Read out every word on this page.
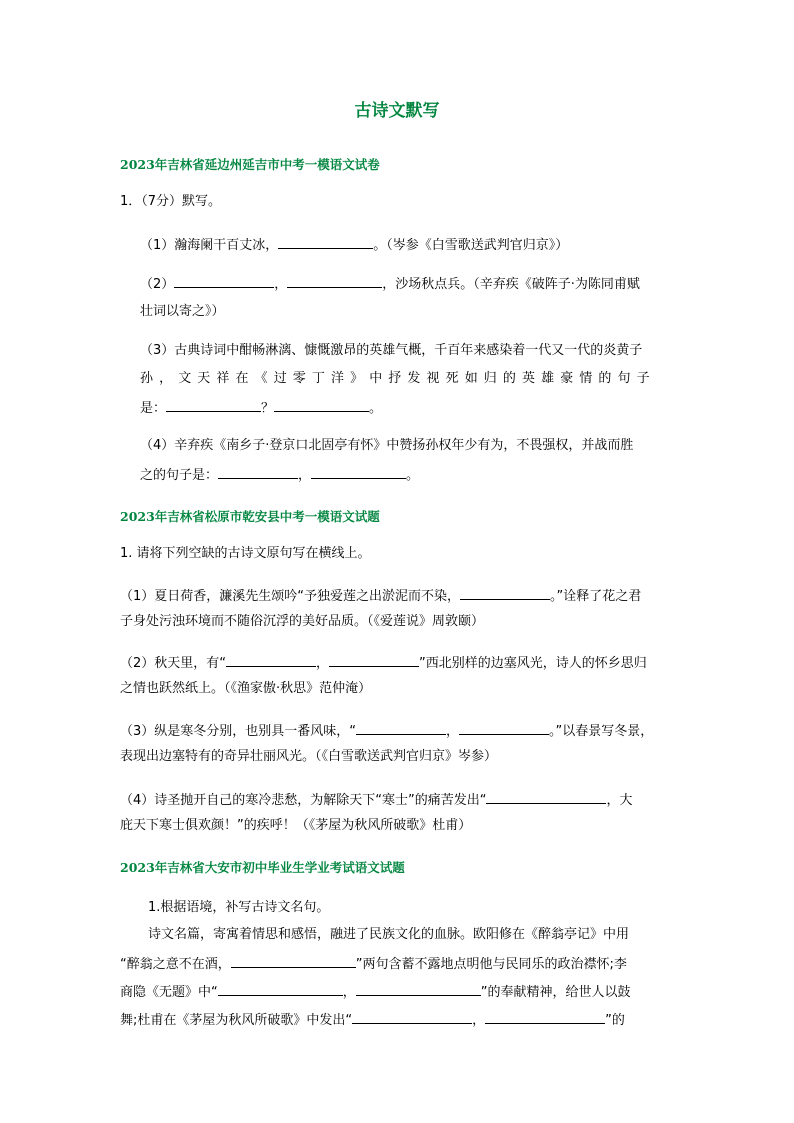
古诗文默写
2023年吉林省延边州延吉市中考一模语文试卷
1．（7分）默写。
（1）瀚海阑干百丈冰，	。（岑参《白雪歌送武判官归京》）
（2）	，	，沙场秋点兵。（辛弃疾《破阵子·为陈同甫赋
壮词以寄之》）
（3）古典诗词中酣畅淋漓、慷慨激昂的英雄气概，千百年来感染着一代又一代的炎黄子
孙，文天祥在《过零丁洋》中抒发视死如归的英雄豪情的句子
是：	？	。
（4）辛弃疾《南乡子·登京口北固亭有怀》中赞扬孙权年少有为，不畏强权，并战而胜
之的句子是：	，	。
2023年吉林省松原市乾安县中考一模语文试题
1. 请将下列空缺的古诗文原句写在横线上。
（1）夏日荷香，濂溪先生颂吟“予独爱莲之出淤泥而不染，	。”诠释了花之君
子身处污浊环境而不随俗沉浮的美好品质。（《爱莲说》周敦颐）
（2）秋天里，有“	，	”西北别样的边塞风光，诗人的怀乡思归
之情也跃然纸上。（《渔家傲·秋思》范仲淹）
（3）纵是寒冬分别，也别具一番风味，“	，	。”以春景写冬景，
表现出边塞特有的奇异壮丽风光。（《白雪歌送武判官归京》岑参）
（4）诗圣抛开自己的寒冷悲愁，为解除天下“寒士”的痛苦发出“	，大
庇天下寒士俱欢颜！”的疾呼！（《茅屋为秋风所破歌》杜甫）
2023年吉林省大安市初中毕业生学业考试语文试题
1.根据语境，补写古诗文名句。
诗文名篇，寄寓着情思和感悟，融进了民族文化的血脉。欧阳修在《醉翁亭记》中用
“醉翁之意不在酒，	”两句含蓄不露地点明他与民同乐的政治襟怀;李
商隐《无题》中“	，	”的奉献精神，给世人以鼓
舞;杜甫在《茅屋为秋风所破歌》中发出“	，	”的
